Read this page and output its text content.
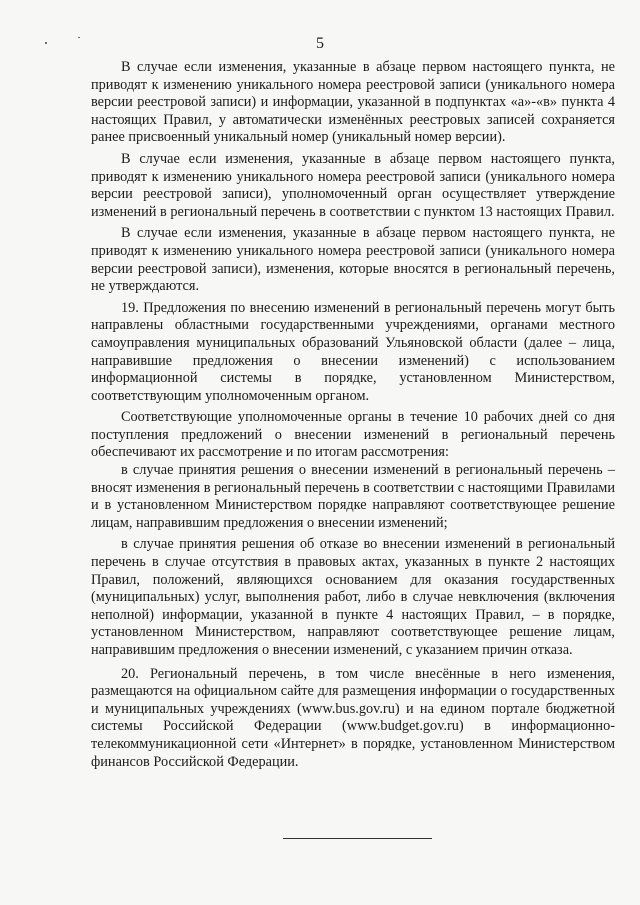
5

В случае если изменения, указанные в абзаце первом настоящего пункта, не приводят к изменению уникального номера реестровой записи (уникального номера версии реестровой записи) и информации, указанной в подпунктах «а»-«в» пункта 4 настоящих Правил, у автоматически изменённых реестровых записей сохраняется ранее присвоенный уникальный номер (уникальный номер версии).

В случае если изменения, указанные в абзаце первом настоящего пункта, приводят к изменению уникального номера реестровой записи (уникального номера версии реестровой записи), уполномоченный орган осуществляет утверждение изменений в региональный перечень в соответствии с пунктом 13 настоящих Правил.

В случае если изменения, указанные в абзаце первом настоящего пункта, не приводят к изменению уникального номера реестровой записи (уникального номера версии реестровой записи), изменения, которые вносятся в региональный перечень, не утверждаются.

19. Предложения по внесению изменений в региональный перечень могут быть направлены областными государственными учреждениями, органами местного самоуправления муниципальных образований Ульяновской области (далее – лица, направившие предложения о внесении изменений) с использованием информационной системы в порядке, установленном Министерством, соответствующим уполномоченным органом.

Соответствующие уполномоченные органы в течение 10 рабочих дней со дня поступления предложений о внесении изменений в региональный перечень обеспечивают их рассмотрение и по итогам рассмотрения:

в случае принятия решения о внесении изменений в региональный перечень – вносят изменения в региональный перечень в соответствии с настоящими Правилами и в установленном Министерством порядке направляют соответствующее решение лицам, направившим предложения о внесении изменений;

в случае принятия решения об отказе во внесении изменений в региональный перечень в случае отсутствия в правовых актах, указанных в пункте 2 настоящих Правил, положений, являющихся основанием для оказания государственных (муниципальных) услуг, выполнения работ, либо в случае невключения (включения неполной) информации, указанной в пункте 4 настоящих Правил, – в порядке, установленном Министерством, направляют соответствующее решение лицам, направившим предложения о внесении изменений, с указанием причин отказа.

20. Региональный перечень, в том числе внесённые в него изменения, размещаются на официальном сайте для размещения информации о государственных и муниципальных учреждениях (www.bus.gov.ru) и на едином портале бюджетной системы Российской Федерации (www.budget.gov.ru) в информационно-телекоммуникационной сети «Интернет» в порядке, установленном Министерством финансов Российской Федерации.
